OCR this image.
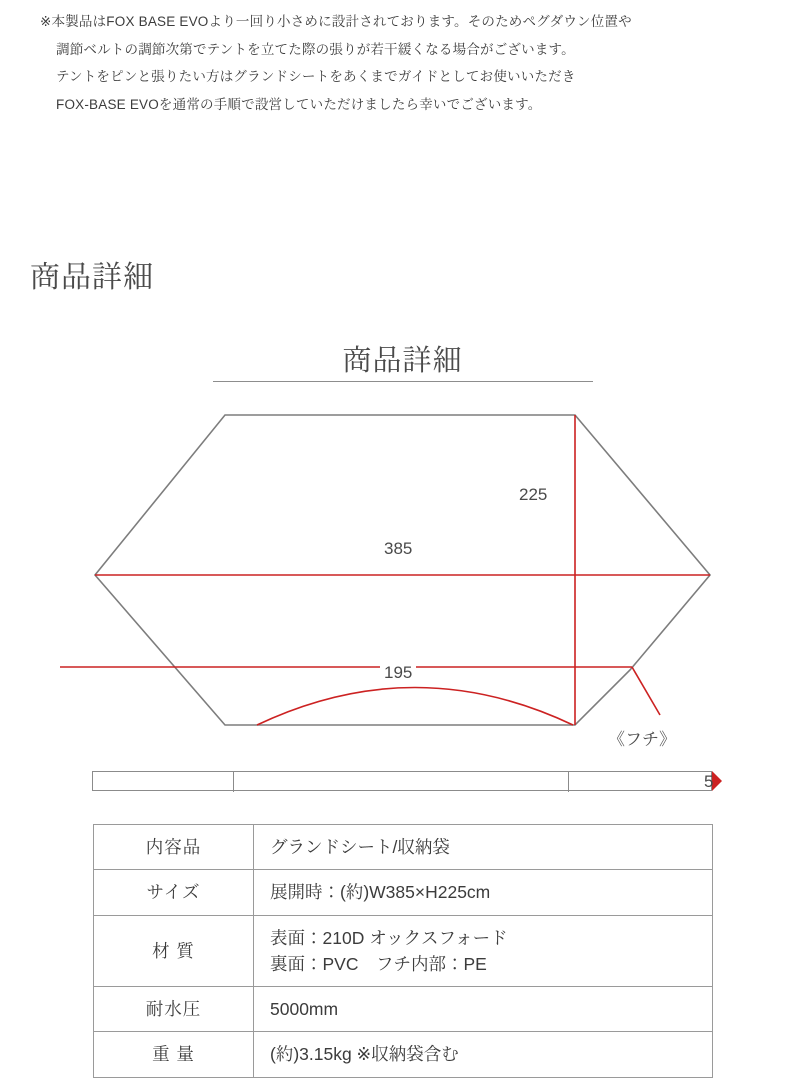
※本製品はFOX BASE EVOより一回り小さめに設計されております。そのためペグダウン位置や
調節ベルトの調節次第でテントを立てた際の張りが若干緩くなる場合がございます。
テントをピンと張りたい方はグランドシートをあくまでガイドとしてお使いいただき
FOX-BASE EVOを通常の手順で設営していただけましたら幸いでございます。
商品詳細
商品詳細
385
225
195
《フチ》
5
内容品	グランドシート/収納袋

サイズ	展開時：(約)W385×H225cm

材 質	表面：210D オックスフォード
裏面：PVC　フチ内部：PE

耐水圧	5000mm

重 量	(約)3.15kg ※収納袋含む
